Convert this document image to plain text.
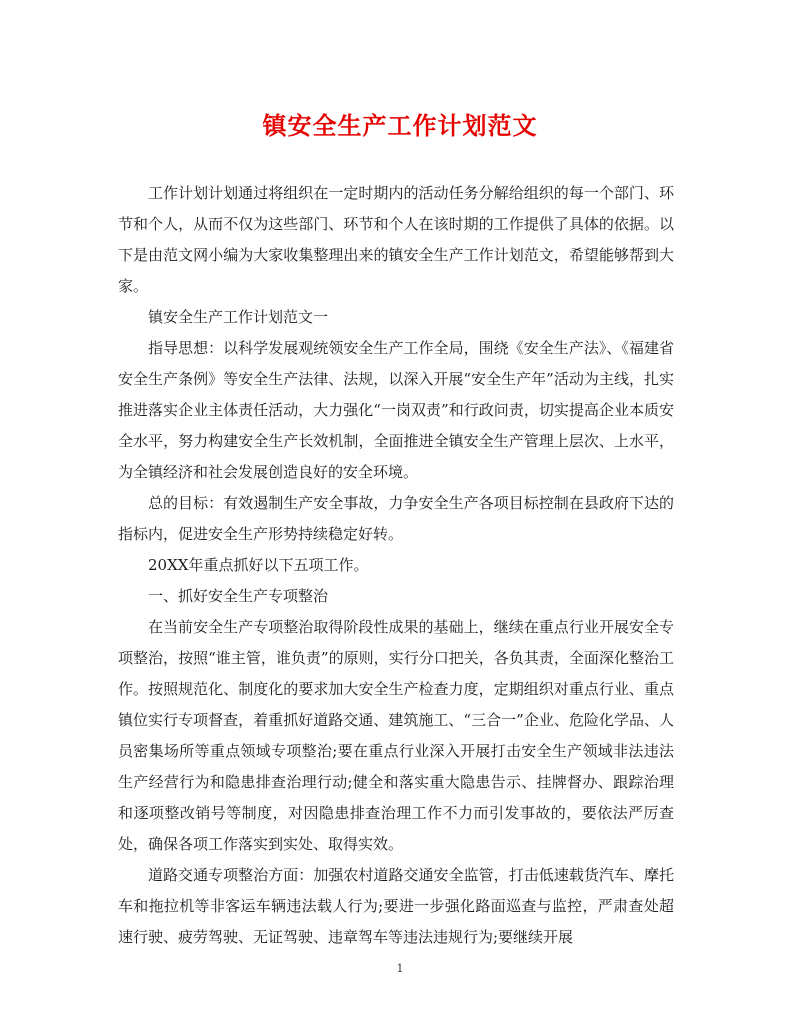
镇安全生产工作计划范文

工作计划计划通过将组织在一定时期内的活动任务分解给组织的每一个部门、环节和个人，从而不仅为这些部门、环节和个人在该时期的工作提供了具体的依据。以下是由范文网小编为大家收集整理出来的镇安全生产工作计划范文，希望能够帮到大家。

镇安全生产工作计划范文一

指导思想：以科学发展观统领安全生产工作全局，围绕《安全生产法》、《福建省安全生产条例》等安全生产法律、法规，以深入开展“安全生产年”活动为主线，扎实推进落实企业主体责任活动，大力强化“一岗双责”和行政问责，切实提高企业本质安全水平，努力构建安全生产长效机制，全面推进全镇安全生产管理上层次、上水平，为全镇经济和社会发展创造良好的安全环境。

总的目标：有效遏制生产安全事故，力争安全生产各项目标控制在县政府下达的指标内，促进安全生产形势持续稳定好转。

20XX年重点抓好以下五项工作。

一、抓好安全生产专项整治

在当前安全生产专项整治取得阶段性成果的基础上，继续在重点行业开展安全专项整治，按照“谁主管，谁负责”的原则，实行分口把关，各负其责，全面深化整治工作。按照规范化、制度化的要求加大安全生产检查力度，定期组织对重点行业、重点镇位实行专项督查，着重抓好道路交通、建筑施工、“三合一”企业、危险化学品、人员密集场所等重点领域专项整治;要在重点行业深入开展打击安全生产领域非法违法生产经营行为和隐患排查治理行动;健全和落实重大隐患告示、挂牌督办、跟踪治理和逐项整改销号等制度，对因隐患排查治理工作不力而引发事故的，要依法严厉查处，确保各项工作落实到实处、取得实效。

道路交通专项整治方面：加强农村道路交通安全监管，打击低速载货汽车、摩托车和拖拉机等非客运车辆违法载人行为;要进一步强化路面巡查与监控，严肃查处超速行驶、疲劳驾驶、无证驾驶、违章驾车等违法违规行为;要继续开展

1
